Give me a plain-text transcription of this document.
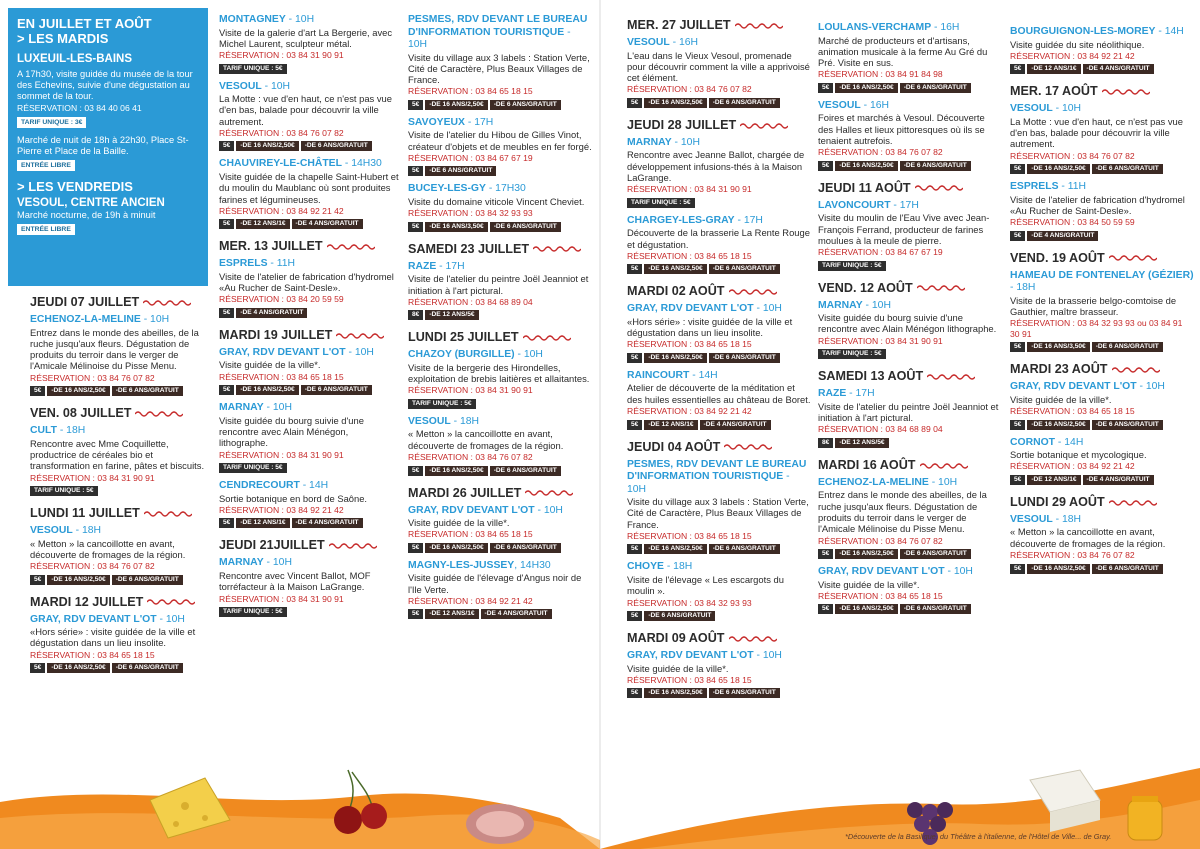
EN JUILLET ET AOÛT
> LES MARDIS
LUXEUIL-LES-BAINS
A 17h30, visite guidée du musée de la tour des Echevins, suivie d'une dégustation au sommet de la tour.
RÉSERVATION : 03 84 40 06 41
TARIF UNIQUE : 3€
Marché de nuit de 18h à 22h30, Place St-Pierre et Place de la Baille.
ENTRÉE LIBRE
> LES VENDREDIS
VESOUL, CENTRE ANCIEN
Marché nocturne, de 19h à minuit
ENTRÉE LIBRE
JEUDI 07 JUILLET
ECHENOZ-LA-MELINE - 10H
Entrez dans le monde des abeilles, de la ruche jusqu'aux fleurs. Dégustation de produits du terroir dans le verger de l'Amicale Mélinoise du Pisse Menu.
RÉSERVATION : 03 84 76 07 82
5€	-DE 16 ANS/2,50€	-DE 6 ANS/GRATUIT
VEN. 08 JUILLET
CULT - 18H
Rencontre avec Mme Coquillette, productrice de céréales bio et transformation en farine, pâtes et biscuits.
RÉSERVATION : 03 84 31 90 91
TARIF UNIQUE : 5€
LUNDI 11 JUILLET
VESOUL - 18H
« Metton » la cancoillotte en avant, découverte de fromages de la région.
RÉSERVATION : 03 84 76 07 82
5€	-DE 16 ANS/2,50€	-DE 6 ANS/GRATUIT
MARDI 12 JUILLET
GRAY, RDV DEVANT L'OT - 10H
«Hors série» : visite guidée de la ville et dégustation dans un lieu insolite.
RÉSERVATION : 03 84 65 18 15
5€	-DE 16 ANS/2,50€	-DE 6 ANS/GRATUIT
MONTAGNEY - 10H
Visite de la galerie d'art La Bergerie, avec Michel Laurent, sculpteur métal.
RÉSERVATION : 03 84 31 90 91
TARIF UNIQUE : 5€
VESOUL - 10H
La Motte : vue d'en haut, ce n'est pas vue d'en bas, balade pour découvrir la ville autrement.
RÉSERVATION : 03 84 76 07 82
5€	-DE 16 ANS/2,50€	-DE 6 ANS/GRATUIT
CHAUVIREY-LE-CHÂTEL - 14H30
Visite guidée de la chapelle Saint-Hubert et du moulin du Maublanc où sont produites farines et légumineuses.
RÉSERVATION : 03 84 92 21 42
5€	-DE 12 ANS/1€	-DE 4 ANS/GRATUIT
MER. 13 JUILLET
ESPRELS - 11H
Visite de l'atelier de fabrication d'hydromel «Au Rucher de Saint-Desle».
RÉSERVATION : 03 84 20 59 59
5€	-DE 4 ANS/GRATUIT
MARDI 19 JUILLET
GRAY, RDV DEVANT L'OT - 10H
Visite guidée de la ville*.
RÉSERVATION : 03 84 65 18 15
5€	-DE 16 ANS/2,50€	-DE 6 ANS/GRATUIT
MARNAY - 10H
Visite guidée du bourg suivie d'une rencontre avec Alain Ménégon, lithographe.
RÉSERVATION : 03 84 31 90 91
TARIF UNIQUE : 5€
CENDRECOURT - 14H
Sortie botanique en bord de Saône.
RÉSERVATION : 03 84 92 21 42
5€	-DE 12 ANS/1€	-DE 4 ANS/GRATUIT
JEUDI 21JUILLET
MARNAY - 10H
Rencontre avec Vincent Ballot, MOF torréfacteur à la Maison LaGrange.
RÉSERVATION : 03 84 31 90 91
TARIF UNIQUE : 5€
PESMES, RDV DEVANT LE BUREAU D'INFORMATION TOURISTIQUE - 10H
Visite du village aux 3 labels : Station Verte, Cité de Caractère, Plus Beaux Villages de France.
RÉSERVATION : 03 84 65 18 15
5€	-DE 16 ANS/2,50€	-DE 6 ANS/GRATUIT
SAVOYEUX - 17H
Visite de l'atelier du Hibou de Gilles Vinot, créateur d'objets et de meubles en fer forgé.
RÉSERVATION : 03 84 67 67 19
5€	-DE 6 ANS/GRATUIT
BUCEY-LES-GY - 17H30
Visite du domaine viticole Vincent Cheviet.
RÉSERVATION : 03 84 32 93 93
5€	-DE 16 ANS/3,50€	-DE 6 ANS/GRATUIT
SAMEDI 23 JUILLET
RAZE - 17H
Visite de l'atelier du peintre Joël Jeanniot et initiation à l'art pictural.
RÉSERVATION : 03 84 68 89 04
8€	-DE 12 ANS/5€
LUNDI 25 JUILLET
CHAZOY (BURGILLE) - 10H
Visite de la bergerie des Hirondelles, exploitation de brebis laitières et allaitantes.
RÉSERVATION : 03 84 31 90 91
TARIF UNIQUE : 5€
VESOUL - 18H
« Metton » la cancoillotte en avant, découverte de fromages de la région.
RÉSERVATION : 03 84 76 07 82
5€	-DE 16 ANS/2,50€	-DE 6 ANS/GRATUIT
MARDI 26 JUILLET
GRAY, RDV DEVANT L'OT - 10H
Visite guidée de la ville*.
RÉSERVATION : 03 84 65 18 15
5€	-DE 16 ANS/2,50€	-DE 6 ANS/GRATUIT
MAGNY-LES-JUSSEY, 14H30
Visite guidée de l'élevage d'Angus noir de l'Ile Verte.
RÉSERVATION : 03 84 92 21 42
5€	-DE 12 ANS/1€	-DE 4 ANS/GRATUIT
MER. 27 JUILLET
VESOUL - 16H
L'eau dans le Vieux Vesoul, promenade pour découvrir comment la ville a apprivoisé cet élément.
RÉSERVATION : 03 84 76 07 82
5€	-DE 16 ANS/2,50€	-DE 6 ANS/GRATUIT
JEUDI 28 JUILLET
MARNAY - 10H
Rencontre avec Jeanne Ballot, chargée de développement infusions-thés à la Maison LaGrange.
RÉSERVATION : 03 84 31 90 91
TARIF UNIQUE : 5€
CHARGEY-LES-GRAY - 17H
Découverte de la brasserie La Rente Rouge et dégustation.
RÉSERVATION : 03 84 65 18 15
5€	-DE 16 ANS/2,50€	-DE 6 ANS/GRATUIT
MARDI 02 AOÛT
GRAY, RDV DEVANT L'OT - 10H
«Hors série» : visite guidée de la ville et dégustation dans un lieu insolite.
RÉSERVATION : 03 84 65 18 15
5€	-DE 16 ANS/2,50€	-DE 6 ANS/GRATUIT
RAINCOURT - 14H
Atelier de découverte de la méditation et des huiles essentielles au château de Boret.
RÉSERVATION : 03 84 92 21 42
5€	-DE 12 ANS/1€	-DE 4 ANS/GRATUIT
JEUDI 04 AOÛT
PESMES, RDV DEVANT LE BUREAU D'INFORMATION TOURISTIQUE - 10H
Visite du village aux 3 labels : Station Verte, Cité de Caractère, Plus Beaux Villages de France.
RÉSERVATION : 03 84 65 18 15
5€	-DE 16 ANS/2,50€	-DE 6 ANS/GRATUIT
CHOYE - 18H
Visite de l'élevage « Les escargots du moulin ».
RÉSERVATION : 03 84 32 93 93
5€	-DE 6 ANS/GRATUIT
MARDI 09 AOÛT
GRAY, RDV DEVANT L'OT - 10H
Visite guidée de la ville*.
RÉSERVATION : 03 84 65 18 15
5€	-DE 16 ANS/2,50€	-DE 6 ANS/GRATUIT
LOULANS-VERCHAMP - 16H
Marché de producteurs et d'artisans, animation musicale à la ferme Au Gré du Pré. Visite en sus.
RÉSERVATION : 03 84 91 84 98
5€	-DE 16 ANS/2,50€	-DE 6 ANS/GRATUIT
VESOUL - 16H
Foires et marchés à Vesoul. Découverte des Halles et lieux pittoresques où ils se tenaient autrefois.
RÉSERVATION : 03 84 76 07 82
5€	-DE 16 ANS/2,50€	-DE 6 ANS/GRATUIT
JEUDI 11 AOÛT
LAVONCOURT - 17H
Visite du moulin de l'Eau Vive avec Jean-François Ferrand, producteur de farines moulues à la meule de pierre.
RÉSERVATION : 03 84 67 67 19
TARIF UNIQUE : 5€
VEND. 12 AOÛT
MARNAY - 10H
Visite guidée du bourg suivie d'une rencontre avec Alain Ménégon lithographe.
RÉSERVATION : 03 84 31 90 91
TARIF UNIQUE : 5€
SAMEDI 13 AOÛT
RAZE - 17H
Visite de l'atelier du peintre Joël Jeanniot et initiation à l'art pictural.
RÉSERVATION : 03 84 68 89 04
8€	-DE 12 ANS/5€
MARDI 16 AOÛT
ECHENOZ-LA-MELINE - 10H
Entrez dans le monde des abeilles, de la ruche jusqu'aux fleurs. Dégustation de produits du terroir dans le verger de l'Amicale Mélinoise du Pisse Menu.
RÉSERVATION : 03 84 76 07 82
5€	-DE 16 ANS/2,50€	-DE 6 ANS/GRATUIT
GRAY, RDV DEVANT L'OT - 10H
Visite guidée de la ville*.
RÉSERVATION : 03 84 65 18 15
5€	-DE 16 ANS/2,50€	-DE 6 ANS/GRATUIT
BOURGUIGNON-LES-MOREY - 14H
Visite guidée du site néolithique.
RÉSERVATION : 03 84 92 21 42
5€	-DE 12 ANS/1€	-DE 4 ANS/GRATUIT
MER. 17 AOÛT
VESOUL - 10H
La Motte : vue d'en haut, ce n'est pas vue d'en bas, balade pour découvrir la ville autrement.
RÉSERVATION : 03 84 76 07 82
5€	-DE 16 ANS/2,50€	-DE 6 ANS/GRATUIT
ESPRELS - 11H
Visite de l'atelier de fabrication d'hydromel «Au Rucher de Saint-Desle».
RÉSERVATION : 03 84 50 59 59
5€	-DE 4 ANS/GRATUIT
VEND. 19 AOÛT
HAMEAU DE FONTENELAY (GÉZIER) - 18H
Visite de la brasserie belgo-comtoise de Gauthier, maître brasseur.
RÉSERVATION : 03 84 32 93 93 ou 03 84 91 30 91
5€	-DE 16 ANS/3,50€	-DE 6 ANS/GRATUIT
MARDI 23 AOÛT
GRAY, RDV DEVANT L'OT - 10H
Visite guidée de la ville*.
RÉSERVATION : 03 84 65 18 15
5€	-DE 16 ANS/2,50€	-DE 6 ANS/GRATUIT
CORNOT - 14H
Sortie botanique et mycologique.
RÉSERVATION : 03 84 92 21 42
5€	-DE 12 ANS/1€	-DE 4 ANS/GRATUIT
LUNDI 29 AOÛT
VESOUL - 18H
« Metton » la cancoillotte en avant, découverte de fromages de la région.
RÉSERVATION : 03 84 76 07 82
5€	-DE 16 ANS/2,50€	-DE 6 ANS/GRATUIT
*Découverte de la Basilique, du Théâtre à l'italienne, de l'Hôtel de Ville... de Gray.
